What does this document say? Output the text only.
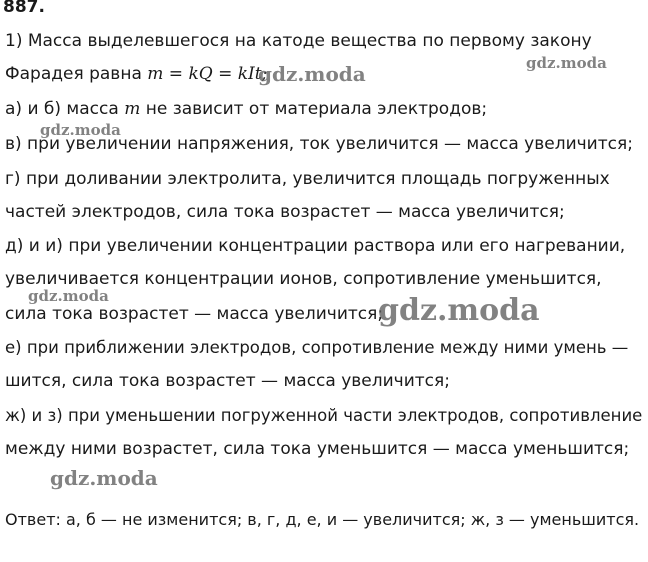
887.
1) Масса выделевшегося на катоде вещества по первому закону
Фарадея равна m = kQ = kIt;
а) и б) масса m не зависит от материала электродов;
в) при увеличении напряжения, ток увеличится — масса увеличится;
г) при доливании электролита, увеличится площадь погруженных
частей электродов, сила тока возрастет — масса увеличится;
д) и и) при увеличении концентрации раствора или его нагревании,
увеличивается концентрации ионов, сопротивление уменьшится,
сила тока возрастет — масса увеличится;
е) при приближении электродов, сопротивление между ними умень —
шится, сила тока возрастет — масса увеличится;
ж) и з) при уменьшении погруженной части электродов, сопротивление
между ними возрастет, сила тока уменьшится — масса уменьшится;
Ответ: а, б — не изменится; в, г, д, е, и — увеличится; ж, з — уменьшится.
gdz.moda	gdz.moda
gdz.moda
gdz.moda	gdz.moda
gdz.moda
